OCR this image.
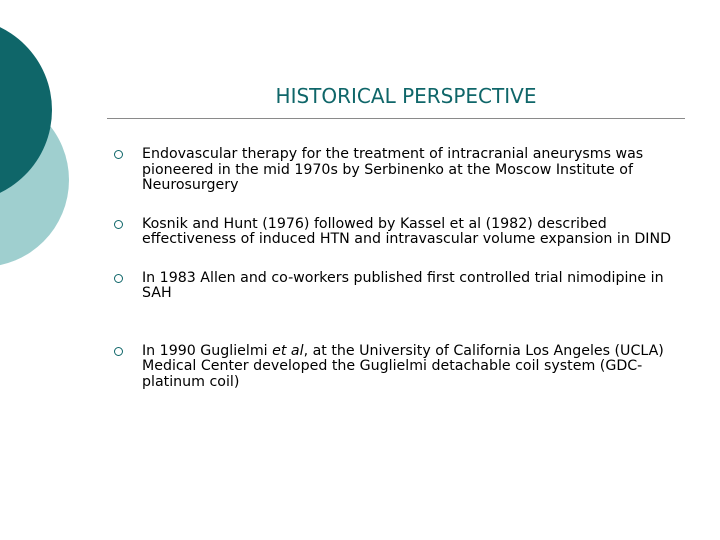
HISTORICAL PERSPECTIVE
Endovascular therapy for the treatment of intracranial aneurysms was pioneered in the mid 1970s by Serbinenko at the Moscow Institute of Neurosurgery
Kosnik and Hunt (1976) followed by Kassel et al (1982) described effectiveness of induced HTN and intravascular volume expansion in DIND
In 1983 Allen and co-workers published first controlled trial nimodipine in SAH
In 1990 Guglielmi et al, at the University of California Los Angeles (UCLA) Medical Center developed the Guglielmi detachable coil system (GDC- platinum coil)
